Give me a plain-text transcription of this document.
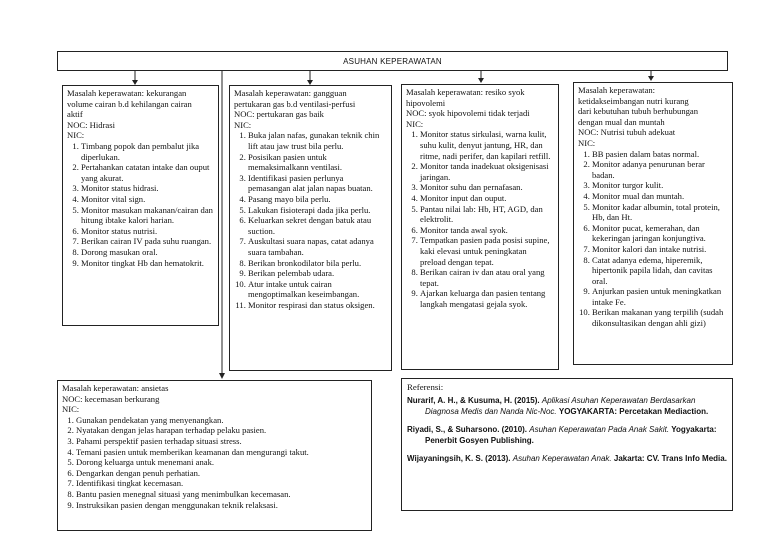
ASUHAN KEPERAWATAN
Masalah keperawatan: kekurangan
volume cairan b.d kehilangan cairan
aktif
NOC: Hidrasi
NIC:
1. Timbang popok dan pembalut jika diperlukan.
2. Pertahankan catatan intake dan ouput yang akurat.
3. Monitor status hidrasi.
4. Monitor vital sign.
5. Monitor masukan makanan/cairan dan hitung ibtake kalori harian.
6. Monitor status nutrisi.
7. Berikan cairan IV pada suhu ruangan.
8. Dorong masukan oral.
9. Monitor tingkat Hb dan hematokrit.
Masalah keperawatan: gangguan
pertukaran gas b.d ventilasi-perfusi
NOC: pertukaran gas baik
NIC:
1. Buka jalan nafas, gunakan teknik chin lift atau jaw trust bila perlu.
2. Posisikan pasien untuk memaksimalkann ventilasi.
3. Identifikasi pasien perlunya pemasangan alat jalan napas buatan.
4. Pasang mayo bila perlu.
5. Lakukan fisioterapi dada jika perlu.
6. Keluarkan sekret dengan batuk atau suction.
7. Auskultasi suara napas, catat adanya suara tambahan.
8. Berikan bronkodilator bila perlu.
9. Berikan pelembab udara.
10. Atur intake untuk cairan mengoptimalkan keseimbangan.
11. Monitor respirasi dan status oksigen.
Masalah keperawatan: resiko syok
hipovolemi
NOC: syok hipovolemi tidak terjadi
NIC:
1. Monitor status sirkulasi, warna kulit, suhu kulit, denyut jantung, HR, dan ritme, nadi perifer, dan kapilari retfill.
2. Monitor tanda inadekuat oksigenisasi jaringan.
3. Monitor suhu dan pernafasan.
4. Monitor input dan ouput.
5. Pantau nilai lab: Hb, HT, AGD, dan elektrolit.
6. Monitor tanda awal syok.
7. Tempatkan pasien pada posisi supine, kaki elevasi untuk peningkatan preload dengan tepat.
8. Berikan cairan iv dan atau oral yang tepat.
9. Ajarkan keluarga dan pasien tentang langkah mengatasi gejala syok.
Masalah keperawatan:
ketidakseimbangan nutri kurang
dari kebutuhan tubuh berhubungan
dengan mual dan muntah
NOC: Nutrisi tubuh adekuat
NIC:
1. BB pasien dalam batas normal.
2. Monitor adanya penurunan berar badan.
3. Monitor turgor kulit.
4. Monitor mual dan muntah.
5. Monitor kadar albumin, total protein, Hb, dan Ht.
6. Monitor pucat, kemerahan, dan kekeringan jaringan konjungtiva.
7. Monitor kalori dan intake nutrisi.
8. Catat adanya edema, hiperemik, hipertonik papila lidah, dan cavitas oral.
9. Anjurkan pasien untuk meningkatkan intake Fe.
10. Berikan makanan yang terpilih (sudah dikonsultasikan dengan ahli gizi)
Masalah keperawatan: ansietas
NOC: kecemasan berkurang
NIC:
1. Gunakan pendekatan yang menyenangkan.
2. Nyatakan dengan jelas harapan terhadap pelaku pasien.
3. Pahami perspektif pasien terhadap situasi stress.
4. Temani pasien untuk memberikan keamanan dan mengurangi takut.
5. Dorong keluarga untuk menemani anak.
6. Dengarkan dengan penuh perhatian.
7. Identifikasi tingkat kecemasan.
8. Bantu pasien menegnal situasi yang menimbulkan kecemasan.
9. Instruksikan pasien dengan menggunakan teknik relaksasi.
Referensi:

Nurarif, A. H., & Kusuma, H. (2015). Aplikasi Asuhan Keperawatan Berdasarkan Diagnosa Medis dan Nanda Nic-Noc. YOGYAKARTA: Percetakan Mediaction.

Riyadi, S., & Suharsono. (2010). Asuhan Keperawatan Pada Anak Sakit. Yogyakarta: Penerbit Gosyen Publishing.

Wijayaningsih, K. S. (2013). Asuhan Keperawatan Anak. Jakarta: CV. Trans Info Media.
